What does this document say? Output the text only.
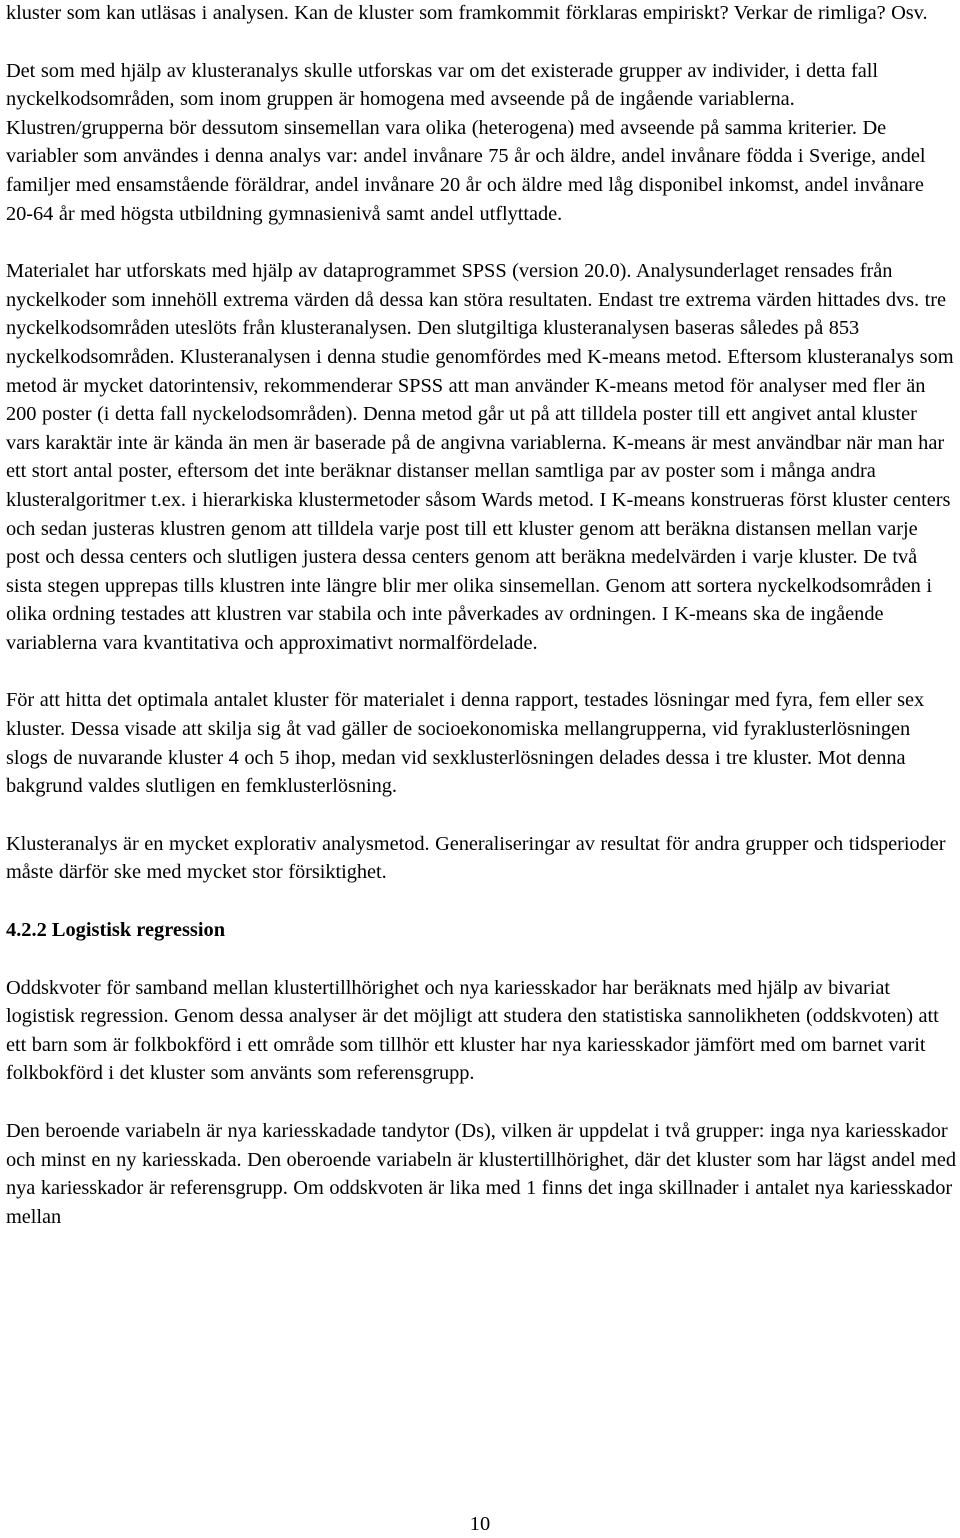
kluster som kan utläsas i analysen. Kan de kluster som framkommit förklaras empiriskt? Verkar de rimliga? Osv.

Det som med hjälp av klusteranalys skulle utforskas var om det existerade grupper av individer, i detta fall nyckelkodsområden, som inom gruppen är homogena med avseende på de ingående variablerna. Klustren/grupperna bör dessutom sinsemellan vara olika (heterogena) med avseende på samma kriterier. De variabler som användes i denna analys var: andel invånare 75 år och äldre, andel invånare födda i Sverige, andel familjer med ensamstående föräldrar, andel invånare 20 år och äldre med låg disponibel inkomst, andel invånare 20-64 år med högsta utbildning gymnasienivå samt andel utflyttade.

Materialet har utforskats med hjälp av dataprogrammet SPSS (version 20.0). Analysunderlaget rensades från nyckelkoder som innehöll extrema värden då dessa kan störa resultaten. Endast tre extrema värden hittades dvs. tre nyckelkodsområden uteslöts från klusteranalysen. Den slutgiltiga klusteranalysen baseras således på 853 nyckelkodsområden. Klusteranalysen i denna studie genomfördes med K-means metod. Eftersom klusteranalys som metod är mycket datorintensiv, rekommenderar SPSS att man använder K-means metod för analyser med fler än 200 poster (i detta fall nyckelodsområden). Denna metod går ut på att tilldela poster till ett angivet antal kluster vars karaktär inte är kända än men är baserade på de angivna variablerna. K-means är mest användbar när man har ett stort antal poster, eftersom det inte beräknar distanser mellan samtliga par av poster som i många andra klusteralgoritmer t.ex. i hierarkiska klustermetoder såsom Wards metod. I K-means konstrueras först kluster centers och sedan justeras klustren genom att tilldela varje post till ett kluster genom att beräkna distansen mellan varje post och dessa centers och slutligen justera dessa centers genom att beräkna medelvärden i varje kluster. De två sista stegen upprepas tills klustren inte längre blir mer olika sinsemellan. Genom att sortera nyckelkodsområden i olika ordning testades att klustren var stabila och inte påverkades av ordningen. I K-means ska de ingående variablerna vara kvantitativa och approximativt normalfördelade.

För att hitta det optimala antalet kluster för materialet i denna rapport, testades lösningar med fyra, fem eller sex kluster. Dessa visade att skilja sig åt vad gäller de socioekonomiska mellangrupperna, vid fyraklusterlösningen slogs de nuvarande kluster 4 och 5 ihop, medan vid sexklusterlösningen delades dessa i tre kluster. Mot denna bakgrund valdes slutligen en femklusterlösning.

Klusteranalys är en mycket explorativ analysmetod. Generaliseringar av resultat för andra grupper och tidsperioder måste därför ske med mycket stor försiktighet.

4.2.2 Logistisk regression

Oddskvoter för samband mellan klustertillhörighet och nya kariesskador har beräknats med hjälp av bivariat logistisk regression. Genom dessa analyser är det möjligt att studera den statistiska sannolikheten (oddskvoten) att ett barn som är folkbokförd i ett område som tillhör ett kluster har nya kariesskador jämfört med om barnet varit folkbokförd i det kluster som använts som referensgrupp.

Den beroende variabeln är nya kariesskadade tandytor (Ds), vilken är uppdelat i två grupper: inga nya kariesskador och minst en ny kariesskada. Den oberoende variabeln är klustertillhörighet, där det kluster som har lägst andel med nya kariesskador är referensgrupp. Om oddskvoten är lika med 1 finns det inga skillnader i antalet nya kariesskador mellan

10
